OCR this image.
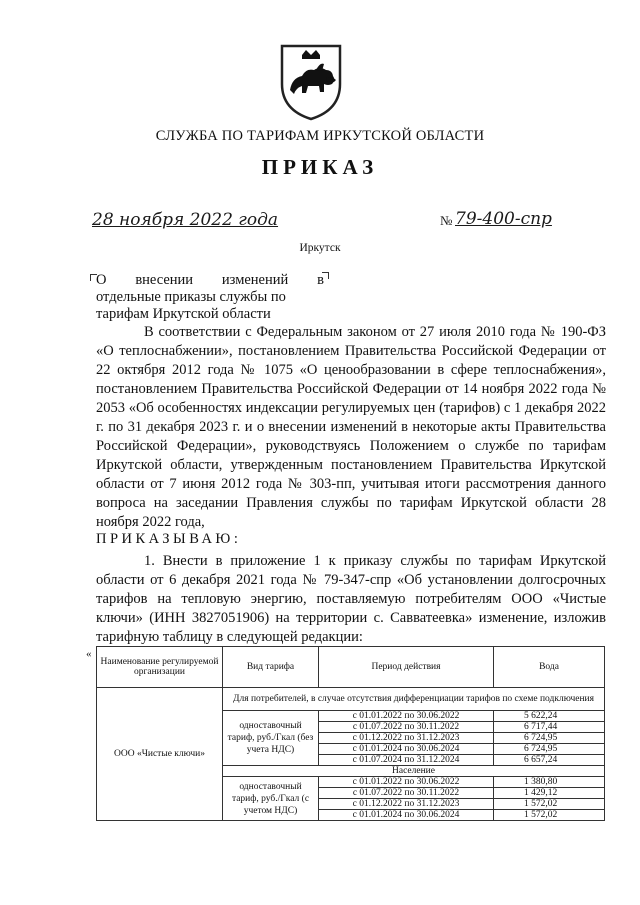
СЛУЖБА ПО ТАРИФАМ ИРКУТСКОЙ ОБЛАСТИ
ПРИКАЗ
28 ноября 2022 года	№ 79-400-спр
Иркутск
О внесении изменений в
отдельные приказы службы по
тарифам Иркутской области

В соответствии с Федеральным законом от 27 июля 2010 года № 190-ФЗ «О теплоснабжении», постановлением Правительства Российской Федерации от 22 октября 2012 года № 1075 «О ценообразовании в сфере теплоснабжения», постановлением Правительства Российской Федерации от 14 ноября 2022 года № 2053 «Об особенностях индексации регулируемых цен (тарифов) с 1 декабря 2022 г. по 31 декабря 2023 г. и о внесении изменений в некоторые акты Правительства Российской Федерации», руководствуясь Положением о службе по тарифам Иркутской области, утвержденным постановлением Правительства Иркутской области от 7 июня 2012 года № 303-пп, учитывая итоги рассмотрения данного вопроса на заседании Правления службы по тарифам Иркутской области 28 ноября 2022 года,

ПРИКАЗЫВАЮ:

1. Внести в приложение 1 к приказу службы по тарифам Иркутской области от 6 декабря 2021 года № 79-347-спр «Об установлении долгосрочных тарифов на тепловую энергию, поставляемую потребителям ООО «Чистые ключи» (ИНН 3827051906) на территории с. Савватеевка» изменение, изложив тарифную таблицу в следующей редакции:

«
Наименование регулируемой организации	Вид тарифа	Период действия	Вода
ООО «Чистые ключи»	Для потребителей, в случае отсутствия дифференциации тарифов по схеме подключения		
	одноставочный тариф, руб./Гкал (без учета НДС)	с 01.01.2022 по 30.06.2022	5 622,24
		с 01.07.2022 по 30.11.2022	6 717,44
		с 01.12.2022 по 31.12.2023	6 724,95
		с 01.01.2024 по 30.06.2024	6 724,95
		с 01.07.2024 по 31.12.2024	6 657,24
	Население		
	одноставочный тариф, руб./Гкал (с учетом НДС)	с 01.01.2022 по 30.06.2022	1 380,80
		с 01.07.2022 по 30.11.2022	1 429,12
		с 01.12.2022 по 31.12.2023	1 572,02
		с 01.01.2024 по 30.06.2024	1 572,02
